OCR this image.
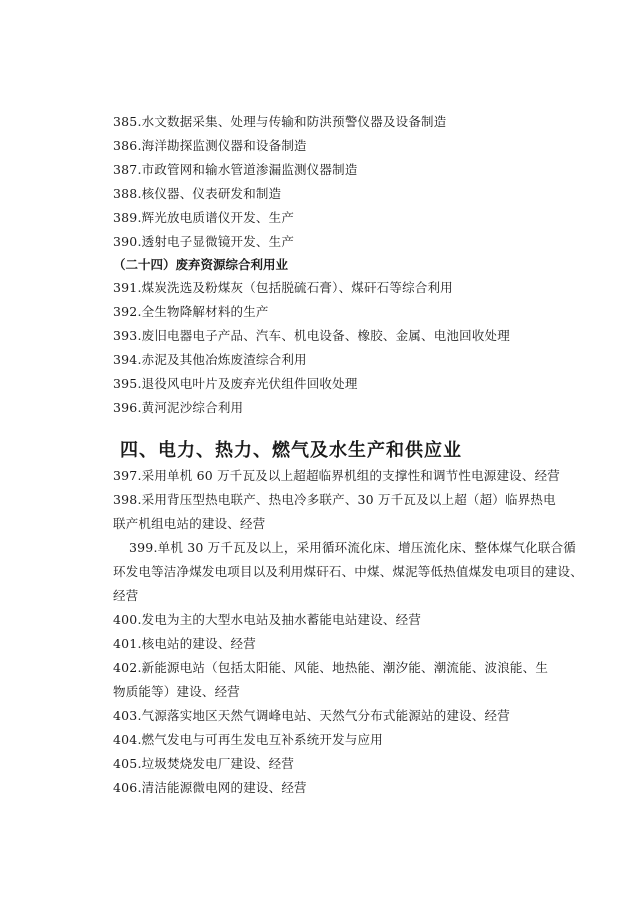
385.水文数据采集、处理与传输和防洪预警仪器及设备制造
386.海洋勘探监测仪器和设备制造
387.市政管网和输水管道渗漏监测仪器制造
388.核仪器、仪表研发和制造
389.辉光放电质谱仪开发、生产
390.透射电子显微镜开发、生产
（二十四）废弃资源综合利用业
391.煤炭洗选及粉煤灰（包括脱硫石膏）、煤矸石等综合利用
392.全生物降解材料的生产
393.废旧电器电子产品、汽车、机电设备、橡胶、金属、电池回收处理
394.赤泥及其他冶炼废渣综合利用
395.退役风电叶片及废弃光伏组件回收处理
396.黄河泥沙综合利用
四、电力、热力、燃气及水生产和供应业
397.采用单机 60 万千瓦及以上超超临界机组的支撑性和调节性电源建设、经营
398.采用背压型热电联产、热电冷多联产、30 万千瓦及以上超（超）临界热电
联产机组电站的建设、经营
399.单机 30 万千瓦及以上，采用循环流化床、增压流化床、整体煤气化联合循
环发电等洁净煤发电项目以及利用煤矸石、中煤、煤泥等低热值煤发电项目的建设、
经营
400.发电为主的大型水电站及抽水蓄能电站建设、经营
401.核电站的建设、经营
402.新能源电站（包括太阳能、风能、地热能、潮汐能、潮流能、波浪能、生
物质能等）建设、经营
403.气源落实地区天然气调峰电站、天然气分布式能源站的建设、经营
404.燃气发电与可再生发电互补系统开发与应用
405.垃圾焚烧发电厂建设、经营
406.清洁能源微电网的建设、经营
